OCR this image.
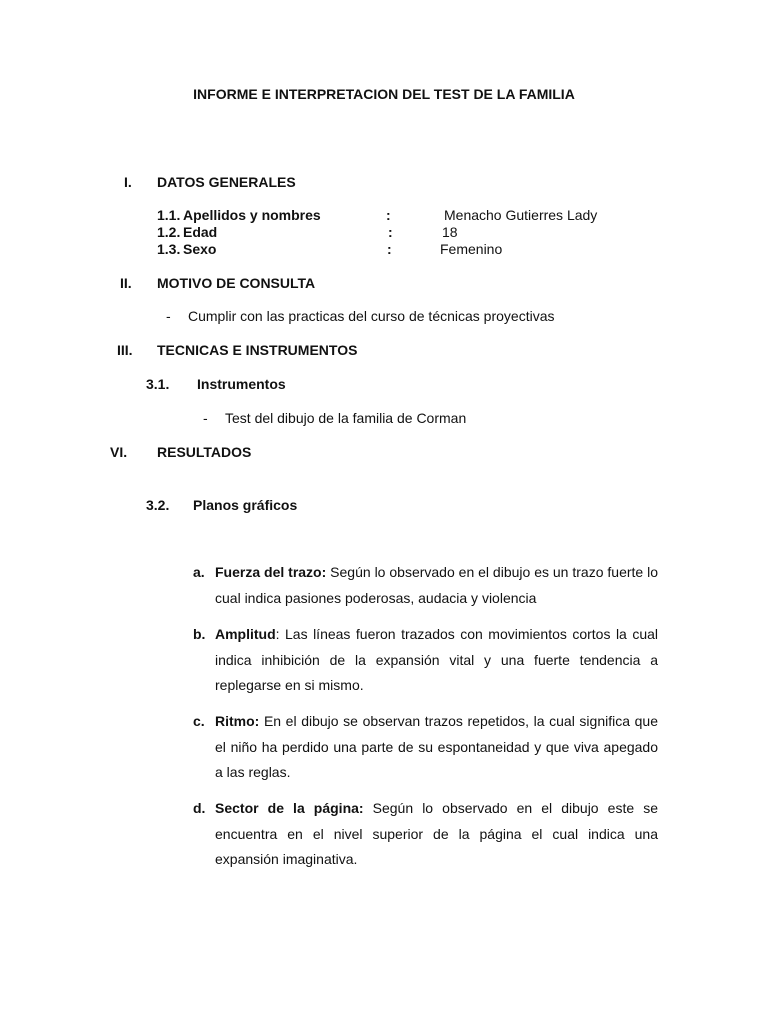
INFORME E INTERPRETACION DEL TEST DE LA FAMILIA
I. DATOS GENERALES
1.1. Apellidos y nombres	:	Menacho Gutierres Lady
1.2. Edad	:	18
1.3. Sexo	:	Femenino
II. MOTIVO DE CONSULTA
- Cumplir con las practicas del curso de técnicas proyectivas
III. TECNICAS E INSTRUMENTOS
3.1. Instrumentos
- Test del dibujo de la familia de Corman
VI. RESULTADOS
3.2. Planos gráficos
a. Fuerza del trazo: Según lo observado en el dibujo es un trazo fuerte lo cual indica pasiones poderosas, audacia y violencia
b. Amplitud: Las líneas fueron trazados con movimientos cortos la cual indica inhibición de la expansión vital y una fuerte tendencia a replegarse en si mismo.
c. Ritmo: En el dibujo se observan trazos repetidos, la cual significa que el niño ha perdido una parte de su espontaneidad y que viva apegado a las reglas.
d. Sector de la página: Según lo observado en el dibujo este se encuentra en el nivel superior de la página el cual indica una expansión imaginativa.
